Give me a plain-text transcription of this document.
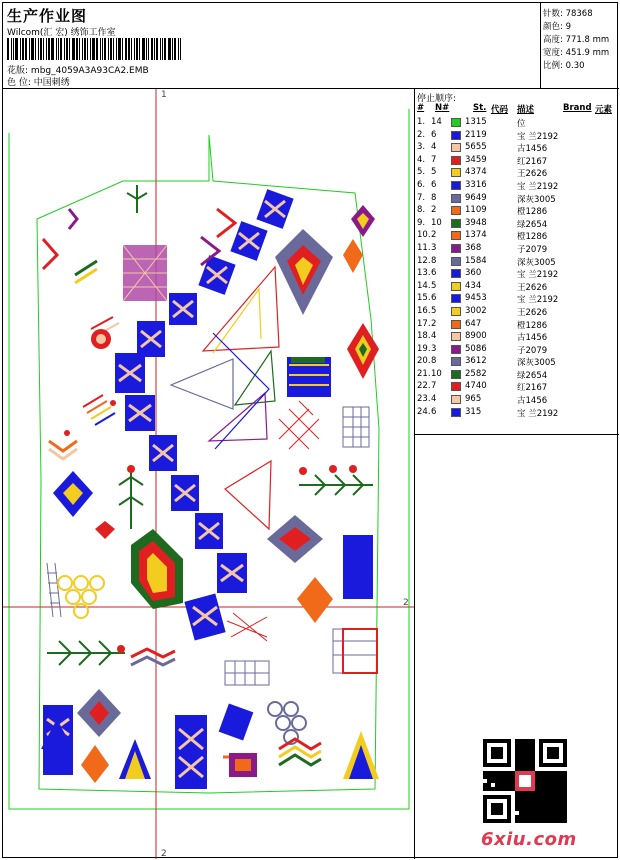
生产作业图
Wilcom(汇 宏) 绣饰工作室
花版: mbg_4059A3A93CA2.EMB
色 位: 中国刺绣
针数: 78368
颜色: 9
高度: 771.8 mm
宽度: 451.9 mm
比例: 0.30
1
2
2
停止顺序:
# N#	St. 代码 描述	Brand 元素
1. 14	1315	位
2. 6	2119	宝 兰2192
3. 4	5655	古1456
4. 7	3459	红2167
5. 5	4374	王2626
6. 6	3316	宝 兰2192
7. 8	9649	深灰3005
8. 2	1109	橙1286
9. 10	3948	绿2654
10. 2	1374	橙1286
11. 3	368	子2079
12. 8	1584	深灰3005
13. 6	360	宝 兰2192
14. 5	434	王2626
15. 6	9453	宝 兰2192
16. 5	3002	王2626
17. 2	647	橙1286
18. 4	8900	古1456
19. 3	5086	子2079
20. 8	3612	深灰3005
21. 10	2582	绿2654
22. 7	4740	红2167
23. 4	965	古1456
24. 6	315	宝 兰2192
6xiu.com
